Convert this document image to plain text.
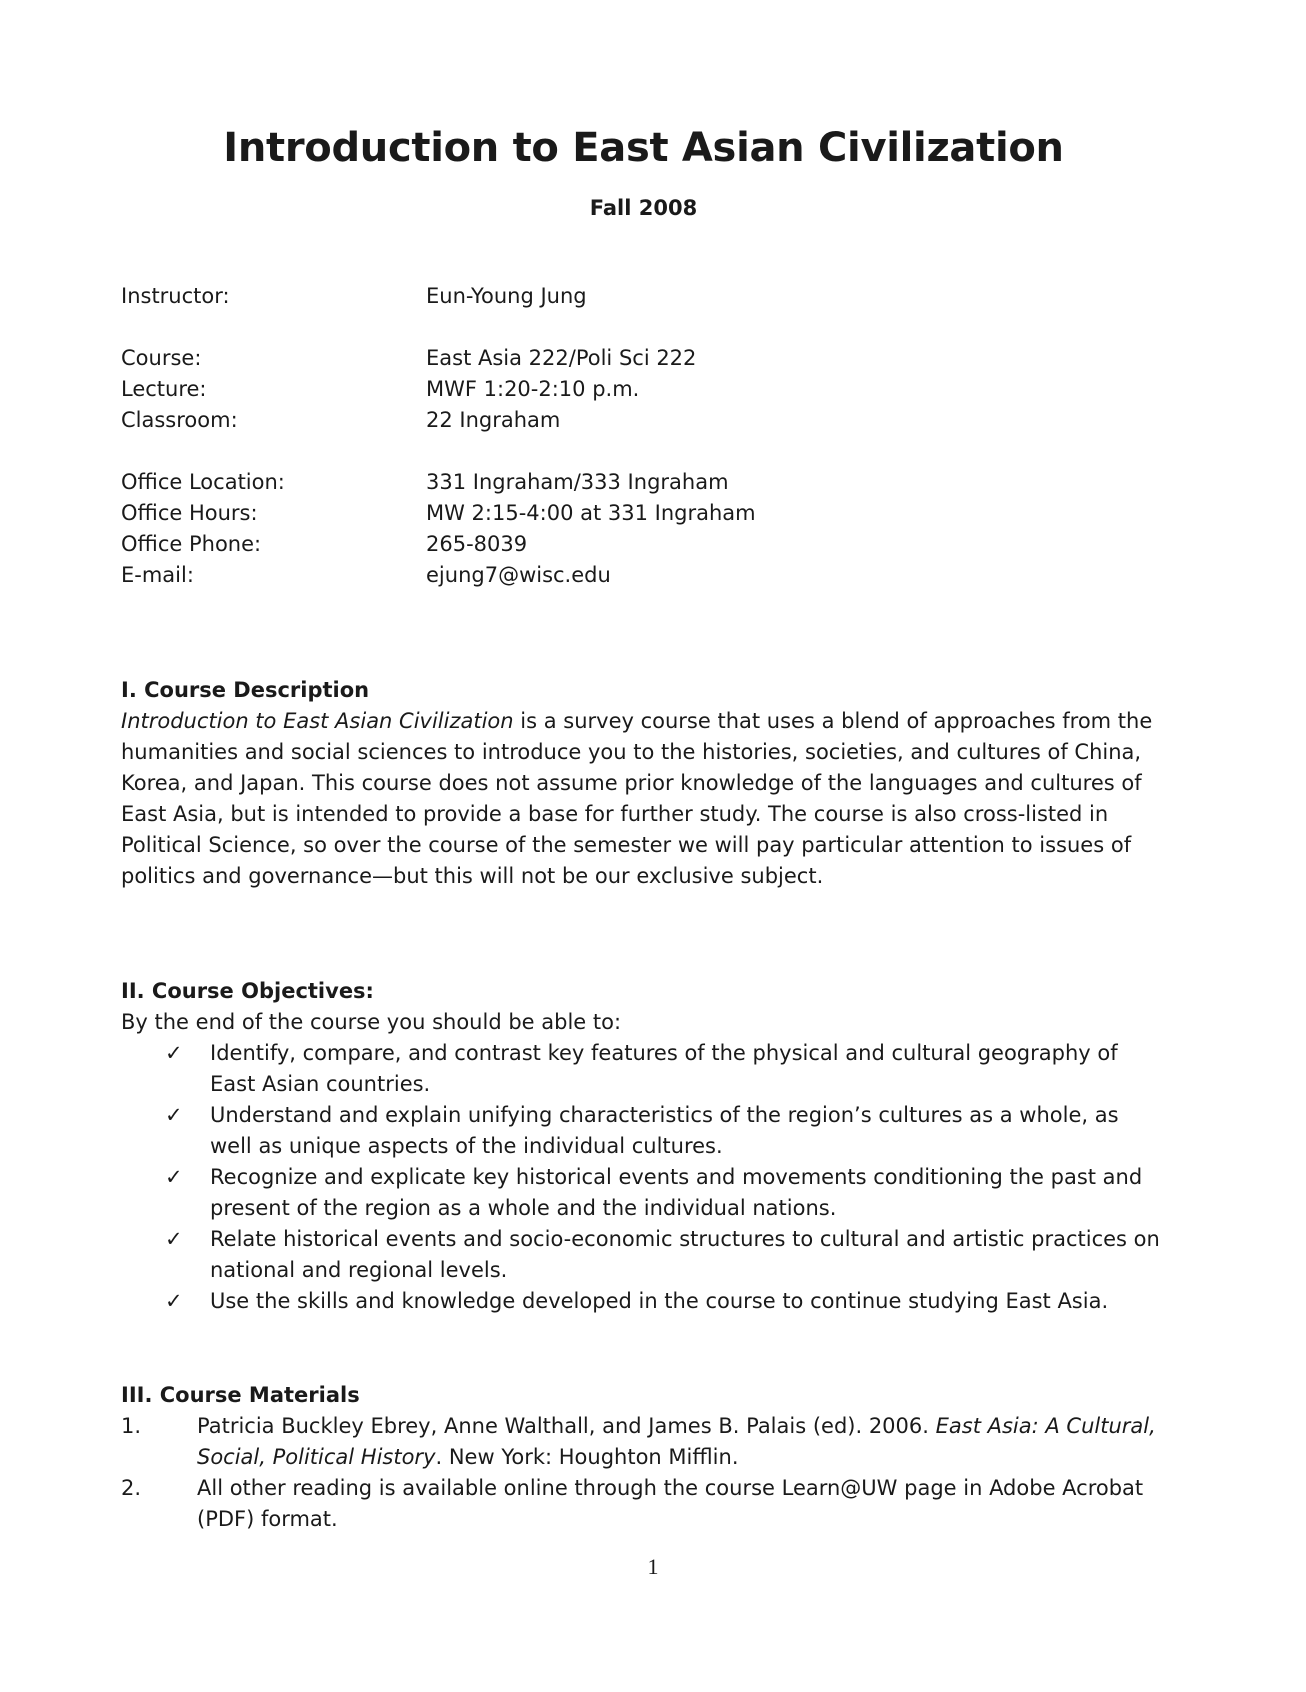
Introduction to East Asian Civilization

Fall 2008

Instructor:	Eun-Young Jung
Course:	East Asia 222/Poli Sci 222
Lecture:	MWF 1:20-2:10 p.m.
Classroom:	22 Ingraham
Office Location:	331 Ingraham/333 Ingraham
Office Hours:	MW 2:15-4:00 at 331 Ingraham
Office Phone:	265-8039
E-mail:	ejung7@wisc.edu
I. Course Description

Introduction to East Asian Civilization is a survey course that uses a blend of approaches from the humanities and social sciences to introduce you to the histories, societies, and cultures of China, Korea, and Japan. This course does not assume prior knowledge of the languages and cultures of East Asia, but is intended to provide a base for further study. The course is also cross-listed in Political Science, so over the course of the semester we will pay particular attention to issues of politics and governance—but this will not be our exclusive subject.

II. Course Objectives:

By the end of the course you should be able to:

✓	Identify, compare, and contrast key features of the physical and cultural geography of East Asian countries.
✓	Understand and explain unifying characteristics of the region’s cultures as a whole, as well as unique aspects of the individual cultures.
✓	Recognize and explicate key historical events and movements conditioning the past and present of the region as a whole and the individual nations.
✓	Relate historical events and socio-economic structures to cultural and artistic practices on national and regional levels.
✓	Use the skills and knowledge developed in the course to continue studying East Asia.
III. Course Materials
1.	Patricia Buckley Ebrey, Anne Walthall, and James B. Palais (ed). 2006. East Asia: A Cultural, Social, Political History. New York: Houghton Mifflin.
2.	All other reading is available online through the course Learn@UW page in Adobe Acrobat (PDF) format.
1
